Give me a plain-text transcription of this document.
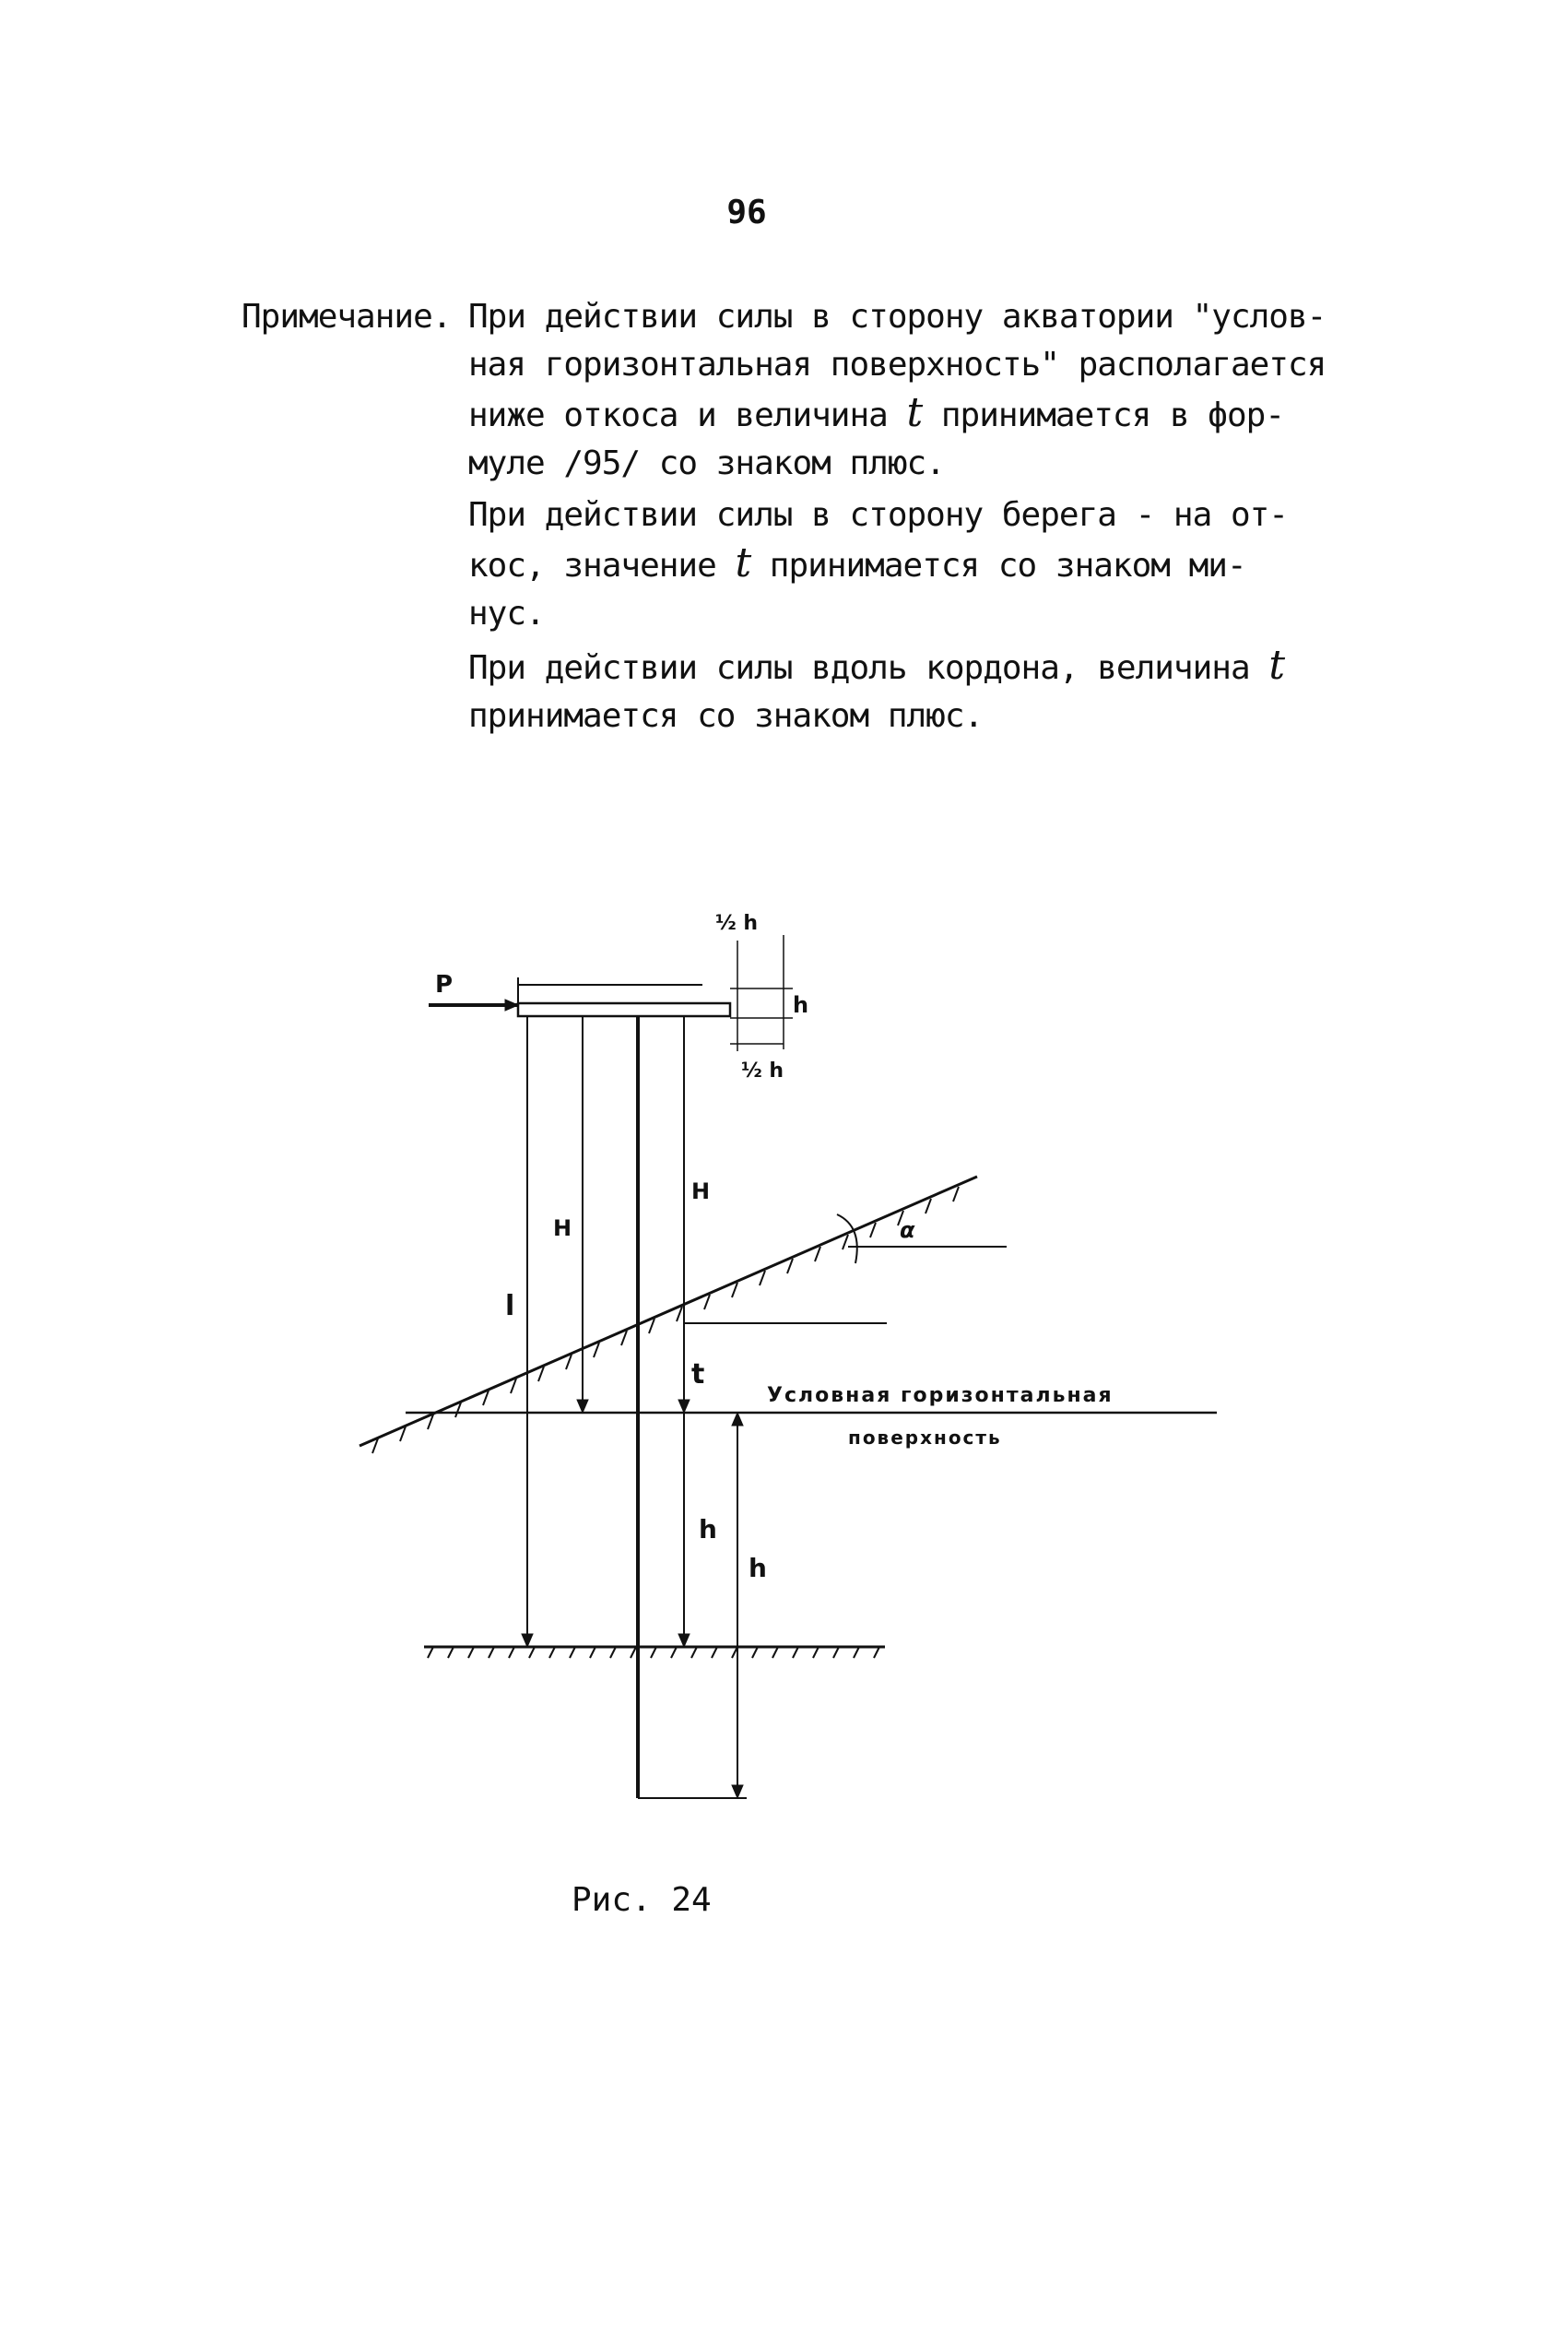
96
Примечание. При действии силы в сторону акватории "услов-
ная горизонтальная поверхность" располагается
ниже откоса и величина t принимается в фор-
муле /95/ со знаком плюс.
При действии силы в сторону берега - на от-
кос, значение t принимается со знаком ми-
нус.
При действии силы вдоль кордона, величина t
принимается со знаком плюс.
P
½ h
h
½ h
H
H
l
t
α
h
h
Условная горизонтальная
поверхность
Рис. 24
